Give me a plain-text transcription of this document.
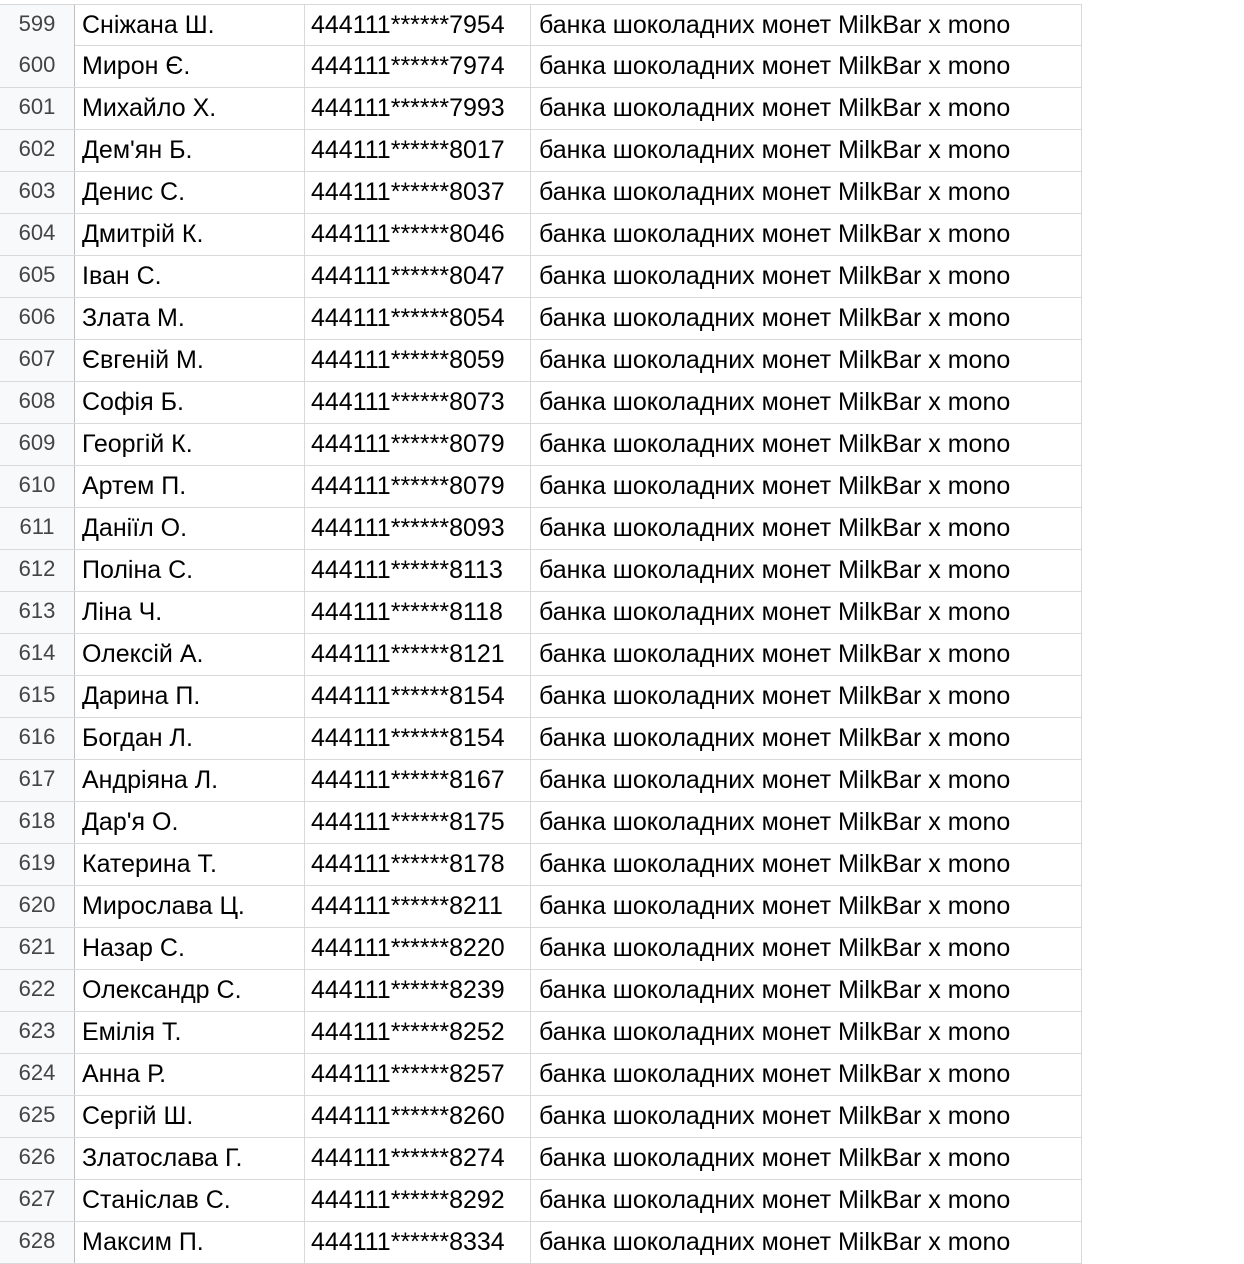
599	Сніжана Ш.	444111******7954	банка шоколадних монет MilkBar x mono
600	Мирон Є.	444111******7974	банка шоколадних монет MilkBar x mono
601	Михайло Х.	444111******7993	банка шоколадних монет MilkBar x mono
602	Дем'ян Б.	444111******8017	банка шоколадних монет MilkBar x mono
603	Денис С.	444111******8037	банка шоколадних монет MilkBar x mono
604	Дмитрій К.	444111******8046	банка шоколадних монет MilkBar x mono
605	Іван С.	444111******8047	банка шоколадних монет MilkBar x mono
606	Злата М.	444111******8054	банка шоколадних монет MilkBar x mono
607	Євгеній М.	444111******8059	банка шоколадних монет MilkBar x mono
608	Софія Б.	444111******8073	банка шоколадних монет MilkBar x mono
609	Георгій К.	444111******8079	банка шоколадних монет MilkBar x mono
610	Артем П.	444111******8079	банка шоколадних монет MilkBar x mono
611	Даніїл О.	444111******8093	банка шоколадних монет MilkBar x mono
612	Поліна С.	444111******8113	банка шоколадних монет MilkBar x mono
613	Ліна Ч.	444111******8118	банка шоколадних монет MilkBar x mono
614	Олексій А.	444111******8121	банка шоколадних монет MilkBar x mono
615	Дарина П.	444111******8154	банка шоколадних монет MilkBar x mono
616	Богдан Л.	444111******8154	банка шоколадних монет MilkBar x mono
617	Андріяна Л.	444111******8167	банка шоколадних монет MilkBar x mono
618	Дар'я О.	444111******8175	банка шоколадних монет MilkBar x mono
619	Катерина Т.	444111******8178	банка шоколадних монет MilkBar x mono
620	Мирослава Ц.	444111******8211	банка шоколадних монет MilkBar x mono
621	Назар С.	444111******8220	банка шоколадних монет MilkBar x mono
622	Олександр С.	444111******8239	банка шоколадних монет MilkBar x mono
623	Емілія Т.	444111******8252	банка шоколадних монет MilkBar x mono
624	Анна Р.	444111******8257	банка шоколадних монет MilkBar x mono
625	Сергій Ш.	444111******8260	банка шоколадних монет MilkBar x mono
626	Златослава Г.	444111******8274	банка шоколадних монет MilkBar x mono
627	Станіслав С.	444111******8292	банка шоколадних монет MilkBar x mono
628	Максим П.	444111******8334	банка шоколадних монет MilkBar x mono
